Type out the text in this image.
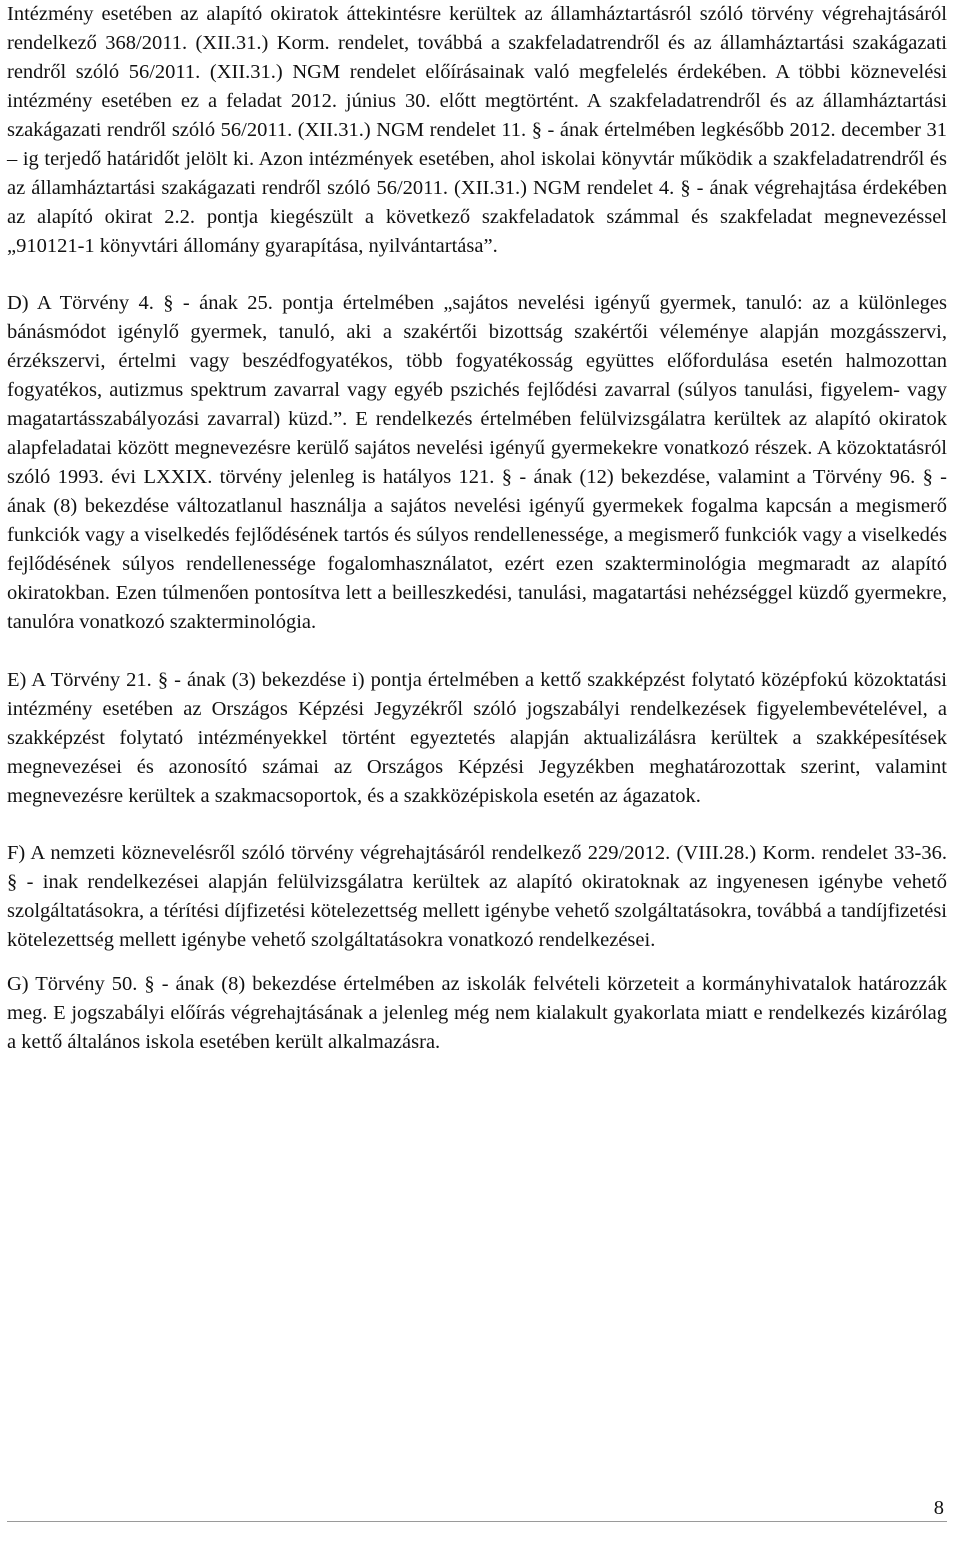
Intézmény esetében az alapító okiratok áttekintésre kerültek az államháztartásról szóló törvény végrehajtásáról rendelkező 368/2011. (XII.31.) Korm. rendelet, továbbá a szakfeladatrendről és az államháztartási szakágazati rendről szóló 56/2011. (XII.31.) NGM rendelet előírásainak való megfelelés érdekében. A többi köznevelési intézmény esetében ez a feladat 2012. június 30. előtt megtörtént. A szakfeladatrendről és az államháztartási szakágazati rendről szóló 56/2011. (XII.31.) NGM rendelet 11. § - ának értelmében legkésőbb 2012. december 31 – ig terjedő határidőt jelölt ki. Azon intézmények esetében, ahol iskolai könyvtár működik a szakfeladatrendről és az államháztartási szakágazati rendről szóló 56/2011. (XII.31.) NGM rendelet 4. § - ának végrehajtása érdekében az alapító okirat 2.2. pontja kiegészült a következő szakfeladatok számmal és szakfeladat megnevezéssel „910121-1 könyvtári állomány gyarapítása, nyilvántartása”.

D) A Törvény 4. § - ának 25. pontja értelmében „sajátos nevelési igényű gyermek, tanuló: az a különleges bánásmódot igénylő gyermek, tanuló, aki a szakértői bizottság szakértői véleménye alapján mozgásszervi, érzékszervi, értelmi vagy beszédfogyatékos, több fogyatékosság együttes előfordulása esetén halmozottan fogyatékos, autizmus spektrum zavarral vagy egyéb pszichés fejlődési zavarral (súlyos tanulási, figyelem- vagy magatartásszabályozási zavarral) küzd.”. E rendelkezés értelmében felülvizsgálatra kerültek az alapító okiratok alapfeladatai között megnevezésre kerülő sajátos nevelési igényű gyermekekre vonatkozó részek. A közoktatásról szóló 1993. évi LXXIX. törvény jelenleg is hatályos 121. § - ának (12) bekezdése, valamint a Törvény 96. § - ának (8) bekezdése változatlanul használja a sajátos nevelési igényű gyermekek fogalma kapcsán a megismerő funkciók vagy a viselkedés fejlődésének tartós és súlyos rendellenessége, a megismerő funkciók vagy a viselkedés fejlődésének súlyos rendellenessége fogalomhasználatot, ezért ezen szakterminológia megmaradt az alapító okiratokban. Ezen túlmenően pontosítva lett a beilleszkedési, tanulási, magatartási nehézséggel küzdő gyermekre, tanulóra vonatkozó szakterminológia.

E) A Törvény 21. § - ának (3) bekezdése i) pontja értelmében a kettő szakképzést folytató középfokú közoktatási intézmény esetében az Országos Képzési Jegyzékről szóló jogszabályi rendelkezések figyelembevételével, a szakképzést folytató intézményekkel történt egyeztetés alapján aktualizálásra kerültek a szakképesítések megnevezései és azonosító számai az Országos Képzési Jegyzékben meghatározottak szerint, valamint megnevezésre kerültek a szakmacsoportok, és a szakközépiskola esetén az ágazatok.

F) A nemzeti köznevelésről szóló törvény végrehajtásáról rendelkező 229/2012. (VIII.28.) Korm. rendelet 33-36. § - inak rendelkezései alapján felülvizsgálatra kerültek az alapító okiratoknak az ingyenesen igénybe vehető szolgáltatásokra, a térítési díjfizetési kötelezettség mellett igénybe vehető szolgáltatásokra, továbbá a tandíjfizetési kötelezettség mellett igénybe vehető szolgáltatásokra vonatkozó rendelkezései.

G) Törvény 50. § - ának (8) bekezdése értelmében az iskolák felvételi körzeteit a kormányhivatalok határozzák meg. E jogszabályi előírás végrehajtásának a jelenleg még nem kialakult gyakorlata miatt e rendelkezés kizárólag a kettő általános iskola esetében került alkalmazásra.

8
